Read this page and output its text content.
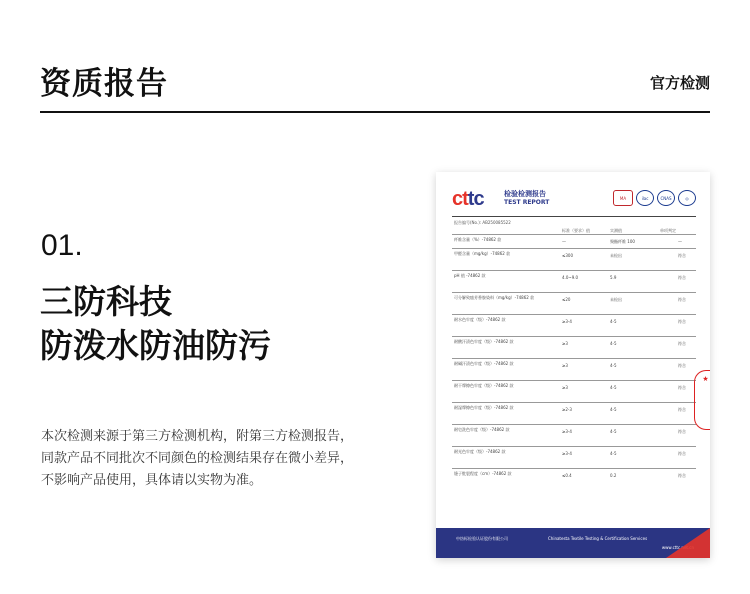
资质报告	官方检测
01.
三防科技
防泼水防油防污
本次检测来源于第三方检测机构，附第三方检测报告，
同款产品不同批次不同颜色的检测结果存在微小差异，
不影响产品使用，具体请以实物为准。
cttc	检验检测报告
TEST REPORT
MA	ilac	CNAS	◎
报告编号(No.): AB250085522
标准（要求）值	实测值	单项判定
纤维含量（%）-74862 款	—	聚酯纤维 100	—
甲醛含量（mg/kg）-74862 款	≤300	未检出	符合
pH 值 -74862 款	4.0~9.0	5.9	符合
可分解致癌芳香胺染料（mg/kg）-74862 款	≤20	未检出	符合
耐水色牢度（级）-74862 款	≥3-4	4-5	符合
耐酸汗渍色牢度（级）-74862 款	≥3	4-5	符合
耐碱汗渍色牢度（级）-74862 款	≥3	4-5	符合
耐干摩擦色牢度（级）-74862 款	≥3	4-5	符合
耐湿摩擦色牢度（级）-74862 款	≥2-3	4-5	符合
耐皂洗色牢度（级）-74862 款	≥3-4	4-5	符合
耐光色牢度（级）-74862 款	≥3-4	4-5	符合
缝子纰裂程度（cm）-74862 款	≤0.4	0.2	符合
★
中纺标检验认证股份有限公司	Chinatesta Textile Testing & Certification Services
www.cttc.net.cn
